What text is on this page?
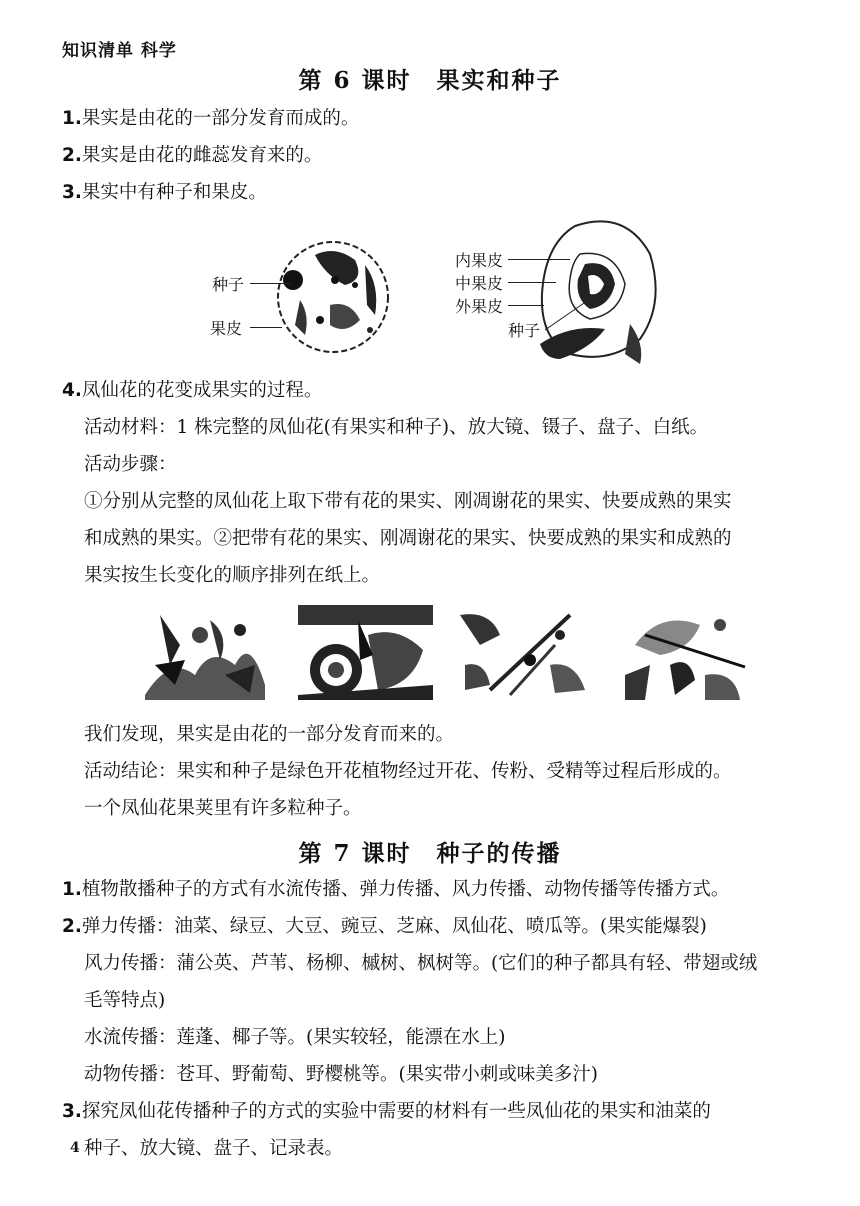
知识清单 科学
第 6 课时　果实和种子
1.果实是由花的一部分发育而成的。
2.果实是由花的雌蕊发育来的。
3.果实中有种子和果皮。
种子
果皮
内果皮
中果皮
外果皮
种子
4.凤仙花的花变成果实的过程。
活动材料：1 株完整的凤仙花(有果实和种子)、放大镜、镊子、盘子、白纸。
活动步骤：
①分别从完整的凤仙花上取下带有花的果实、刚凋谢花的果实、快要成熟的果实
和成熟的果实。②把带有花的果实、刚凋谢花的果实、快要成熟的果实和成熟的
果实按生长变化的顺序排列在纸上。
我们发现，果实是由花的一部分发育而来的。
活动结论：果实和种子是绿色开花植物经过开花、传粉、受精等过程后形成的。
一个凤仙花果荚里有许多粒种子。
第 7 课时　种子的传播
1.植物散播种子的方式有水流传播、弹力传播、风力传播、动物传播等传播方式。
2.弹力传播：油菜、绿豆、大豆、豌豆、芝麻、凤仙花、喷瓜等。(果实能爆裂)
风力传播：蒲公英、芦苇、杨柳、槭树、枫树等。(它们的种子都具有轻、带翅或绒
毛等特点)
水流传播：莲蓬、椰子等。(果实较轻，能漂在水上)
动物传播：苍耳、野葡萄、野樱桃等。(果实带小刺或味美多汁)
3.探究凤仙花传播种子的方式的实验中需要的材料有一些凤仙花的果实和油菜的
种子、放大镜、盘子、记录表。
4
